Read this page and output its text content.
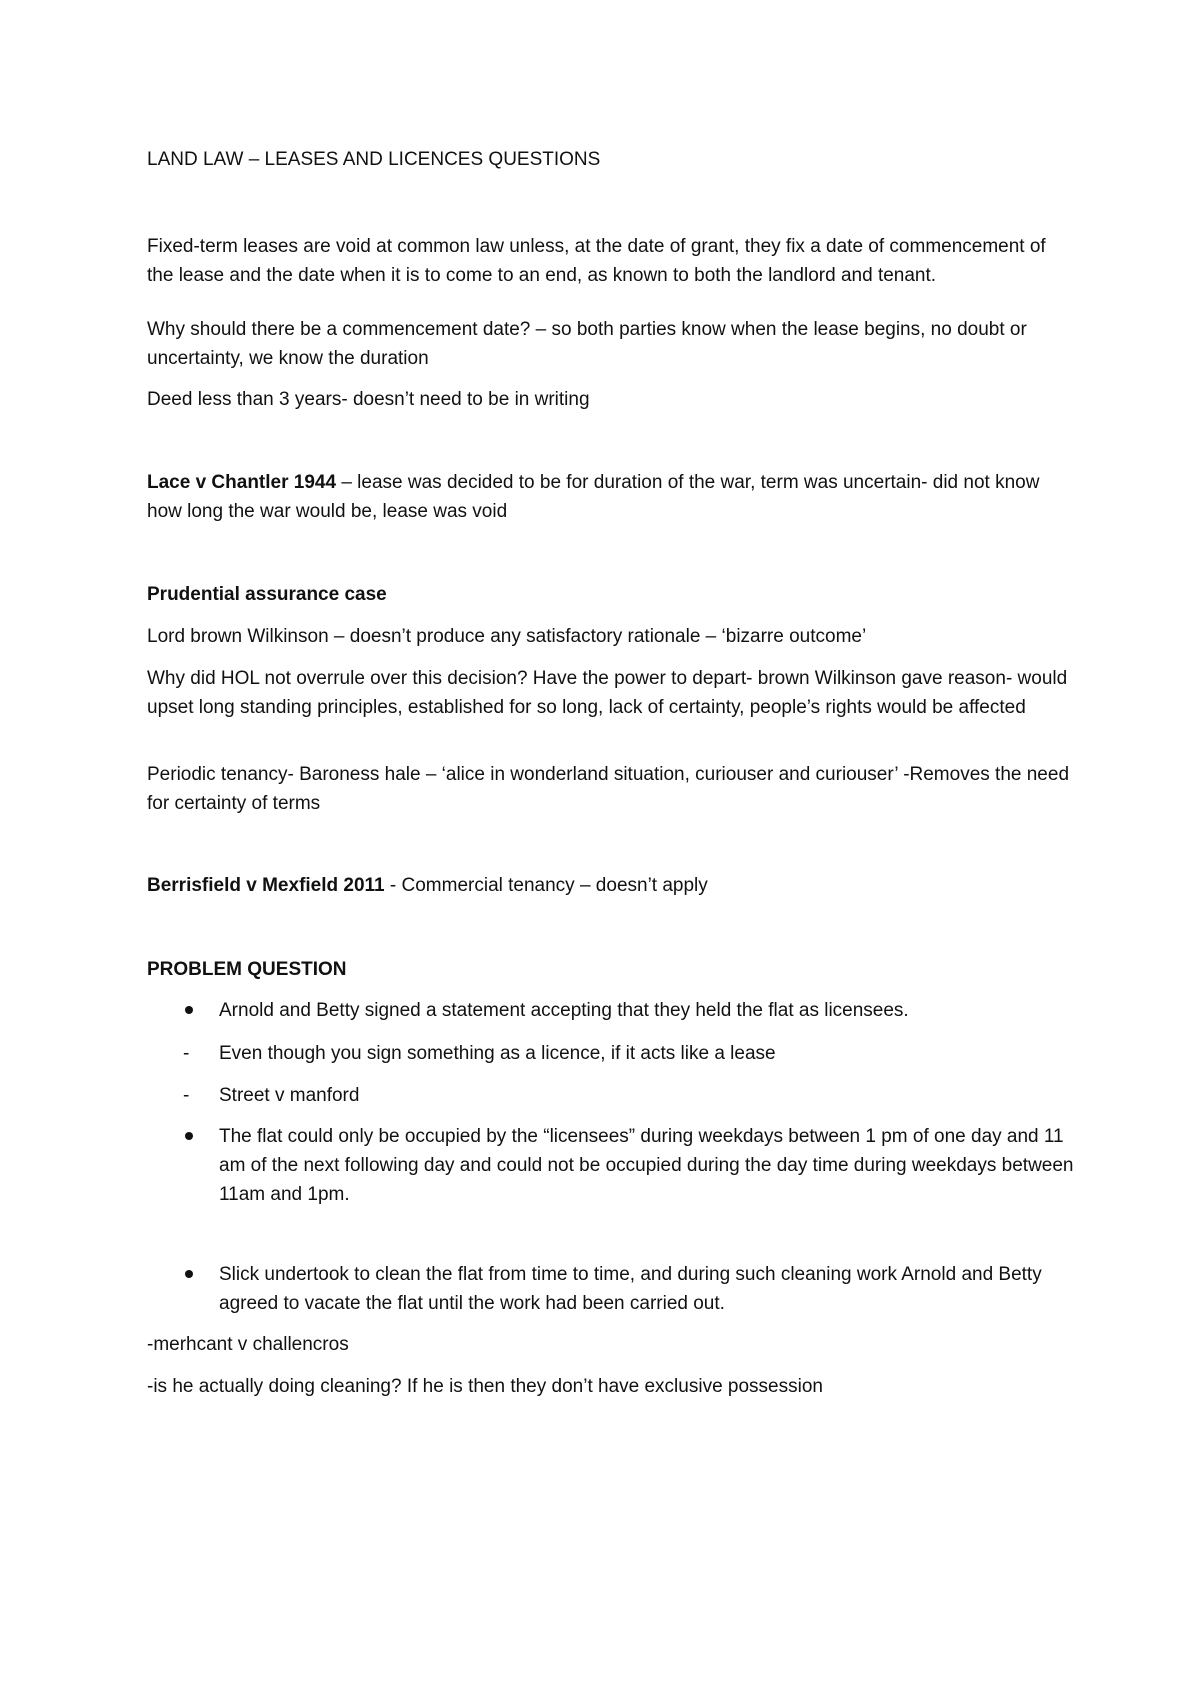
LAND LAW – LEASES AND LICENCES QUESTIONS

Fixed-term leases are void at common law unless, at the date of grant, they fix a date of commencement of the lease and the date when it is to come to an end, as known to both the landlord and tenant.

Why should there be a commencement date? – so both parties know when the lease begins, no doubt or uncertainty, we know the duration

Deed less than 3 years- doesn’t need to be in writing

Lace v Chantler 1944 – lease was decided to be for duration of the war, term was uncertain- did not know how long the war would be, lease was void

Prudential assurance case

Lord brown Wilkinson – doesn’t produce any satisfactory rationale – ‘bizarre outcome’

Why did HOL not overrule over this decision? Have the power to depart- brown Wilkinson gave reason- would upset long standing principles, established for so long, lack of certainty, people’s rights would be affected

Periodic tenancy- Baroness hale – ‘alice in wonderland situation, curiouser and curiouser’ -Removes the need for certainty of terms

Berrisfield v Mexfield 2011 - Commercial tenancy – doesn’t apply

PROBLEM QUESTION

Arnold and Betty signed a statement accepting that they held the flat as licensees.

- Even though you sign something as a licence, if it acts like a lease

- Street v manford

The flat could only be occupied by the “licensees” during weekdays between 1 pm of one day and 11 am of the next following day and could not be occupied during the day time during weekdays between 11am and 1pm.

Slick undertook to clean the flat from time to time, and during such cleaning work Arnold and Betty agreed to vacate the flat until the work had been carried out.

-merhcant v challencros

-is he actually doing cleaning? If he is then they don’t have exclusive possession
